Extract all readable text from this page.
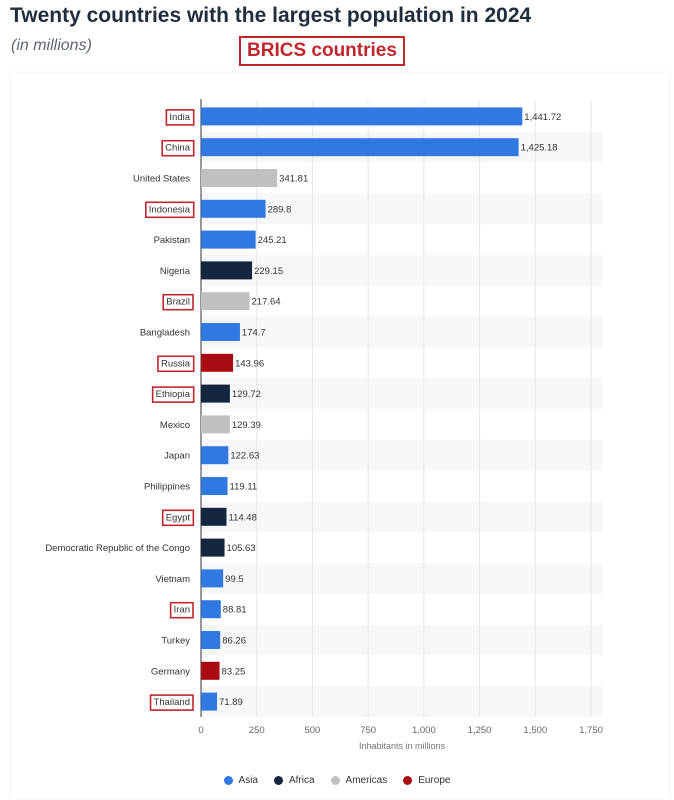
Twenty countries with the largest population in 2024
(in millions)	BRICS countries
0	250	500	750	1,000	1,250	1,500	1,750
Inhabitants in millions
1,441.72
India
1,425.18
China
341.81
United States
289.8
Indonesia
245.21
Pakistan
229.15
Nigeria
217.64
Brazil
174.7
Bangladesh
143.96
Russia
129.72
Ethiopia
129.39
Mexico
122.63
Japan
119.11
Philippines
114.48
Egypt
105.63
Democratic Republic of the Congo
99.5
Vietnam
88.81
Iran
86.26
Turkey
83.25
Germany
71.89
Thailand
Asia	Africa	Americas	Europe
